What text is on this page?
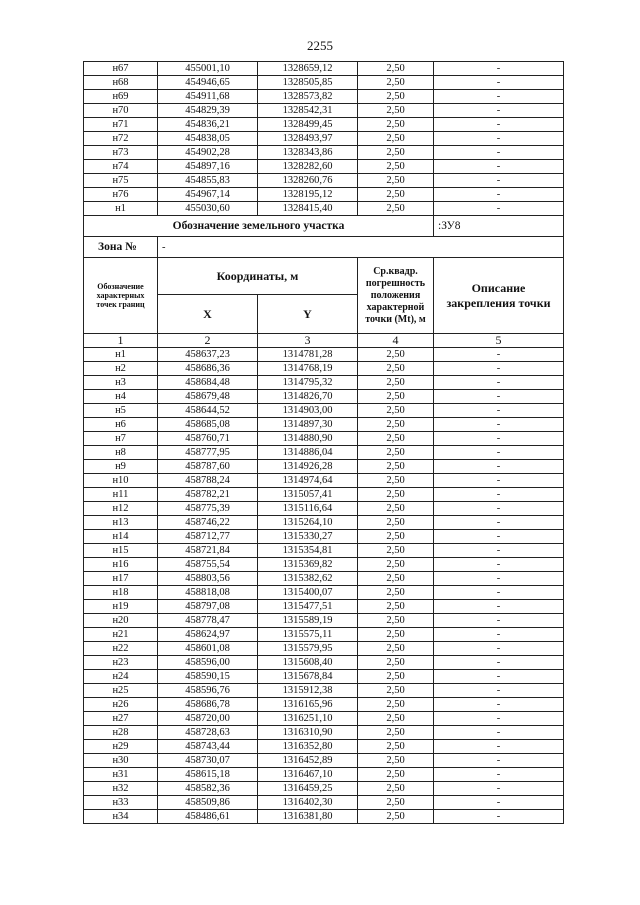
2255
н67	455001,10	1328659,12	2,50	-
н68	454946,65	1328505,85	2,50	-
н69	454911,68	1328573,82	2,50	-
н70	454829,39	1328542,31	2,50	-
н71	454836,21	1328499,45	2,50	-
н72	454838,05	1328493,97	2,50	-
н73	454902,28	1328343,86	2,50	-
н74	454897,16	1328282,60	2,50	-
н75	454855,83	1328260,76	2,50	-
н76	454967,14	1328195,12	2,50	-
н1	455030,60	1328415,40	2,50	-
Обозначение земельного участка				:ЗУ8
Зона №	-			
Обозначение характерных точек границ	Координаты, м		Ср.квадр. погрешность положения характерной точки (Мt), м	Описание закрепления точки
	X	Y		
1	2	3	4	5
н1	458637,23	1314781,28	2,50	-
н2	458686,36	1314768,19	2,50	-
н3	458684,48	1314795,32	2,50	-
н4	458679,48	1314826,70	2,50	-
н5	458644,52	1314903,00	2,50	-
н6	458685,08	1314897,30	2,50	-
н7	458760,71	1314880,90	2,50	-
н8	458777,95	1314886,04	2,50	-
н9	458787,60	1314926,28	2,50	-
н10	458788,24	1314974,64	2,50	-
н11	458782,21	1315057,41	2,50	-
н12	458775,39	1315116,64	2,50	-
н13	458746,22	1315264,10	2,50	-
н14	458712,77	1315330,27	2,50	-
н15	458721,84	1315354,81	2,50	-
н16	458755,54	1315369,82	2,50	-
н17	458803,56	1315382,62	2,50	-
н18	458818,08	1315400,07	2,50	-
н19	458797,08	1315477,51	2,50	-
н20	458778,47	1315589,19	2,50	-
н21	458624,97	1315575,11	2,50	-
н22	458601,08	1315579,95	2,50	-
н23	458596,00	1315608,40	2,50	-
н24	458590,15	1315678,84	2,50	-
н25	458596,76	1315912,38	2,50	-
н26	458686,78	1316165,96	2,50	-
н27	458720,00	1316251,10	2,50	-
н28	458728,63	1316310,90	2,50	-
н29	458743,44	1316352,80	2,50	-
н30	458730,07	1316452,89	2,50	-
н31	458615,18	1316467,10	2,50	-
н32	458582,36	1316459,25	2,50	-
н33	458509,86	1316402,30	2,50	-
н34	458486,61	1316381,80	2,50	-
